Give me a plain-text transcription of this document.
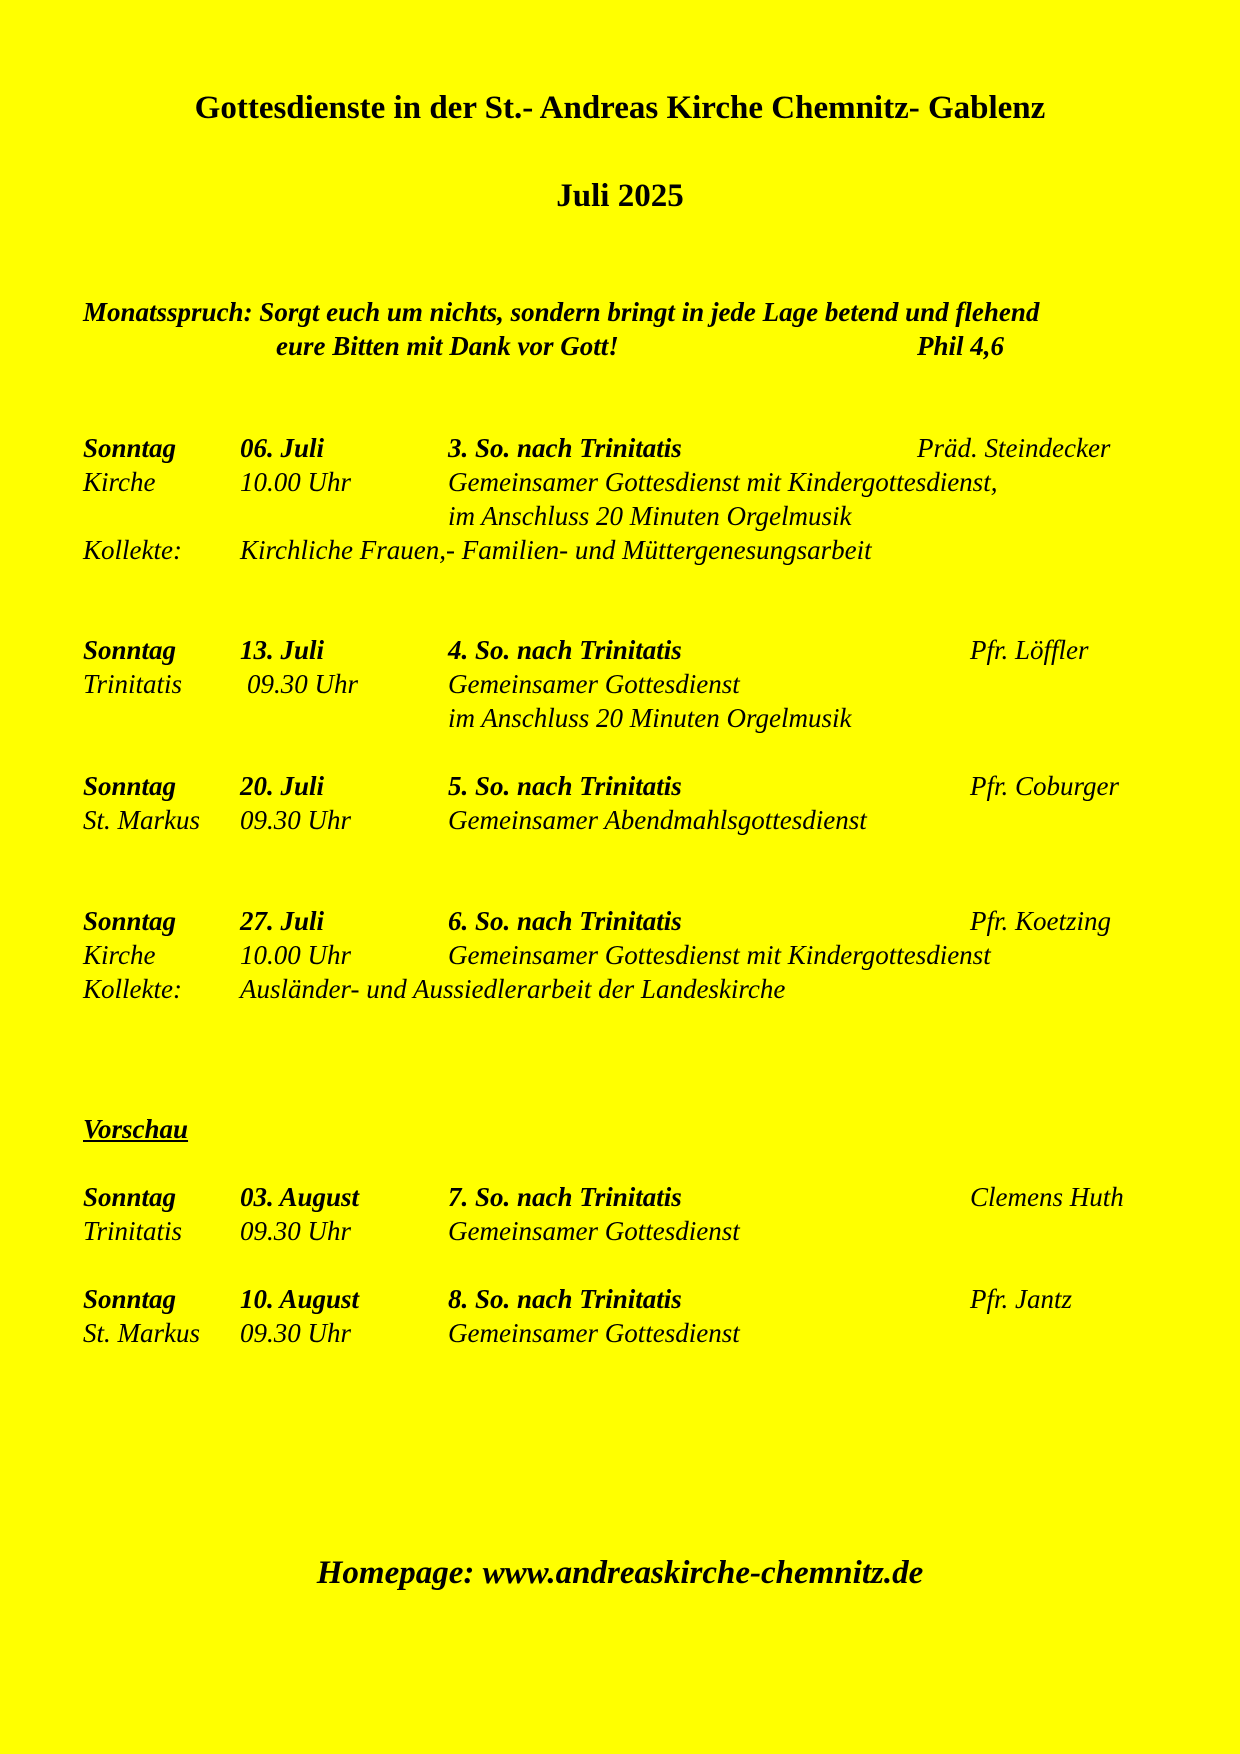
Gottesdienste in der St.- Andreas Kirche Chemnitz- Gablenz
Juli 2025
Monatsspruch: Sorgt euch um nichts, sondern bringt in jede Lage betend und flehend
eure Bitten mit Dank vor Gott!	Phil 4,6
Sonntag 06. Juli	3. So. nach Trinitatis	Präd. Steindecker
Kirche	10.00 Uhr	Gemeinsamer Gottesdienst mit Kindergottesdienst,
im Anschluss 20 Minuten Orgelmusik
Kollekte: Kirchliche Frauen,- Familien- und Müttergenesungsarbeit
Sonntag 13. Juli	4. So. nach Trinitatis	Pfr. Löffler
Trinitatis 09.30 Uhr	Gemeinsamer Gottesdienst
im Anschluss 20 Minuten Orgelmusik
Sonntag 20. Juli	5. So. nach Trinitatis	Pfr. Coburger
St. Markus 09.30 Uhr	Gemeinsamer Abendmahlsgottesdienst
Sonntag 27. Juli	6. So. nach Trinitatis	Pfr. Koetzing
Kirche	10.00 Uhr	Gemeinsamer Gottesdienst mit Kindergottesdienst
Kollekte: Ausländer- und Aussiedlerarbeit der Landeskirche
Vorschau
Sonntag 03. August	7. So. nach Trinitatis	Clemens Huth
Trinitatis 09.30 Uhr	Gemeinsamer Gottesdienst
Sonntag 10. August	8. So. nach Trinitatis	Pfr. Jantz
St. Markus 09.30 Uhr	Gemeinsamer Gottesdienst
Homepage: www.andreaskirche-chemnitz.de
